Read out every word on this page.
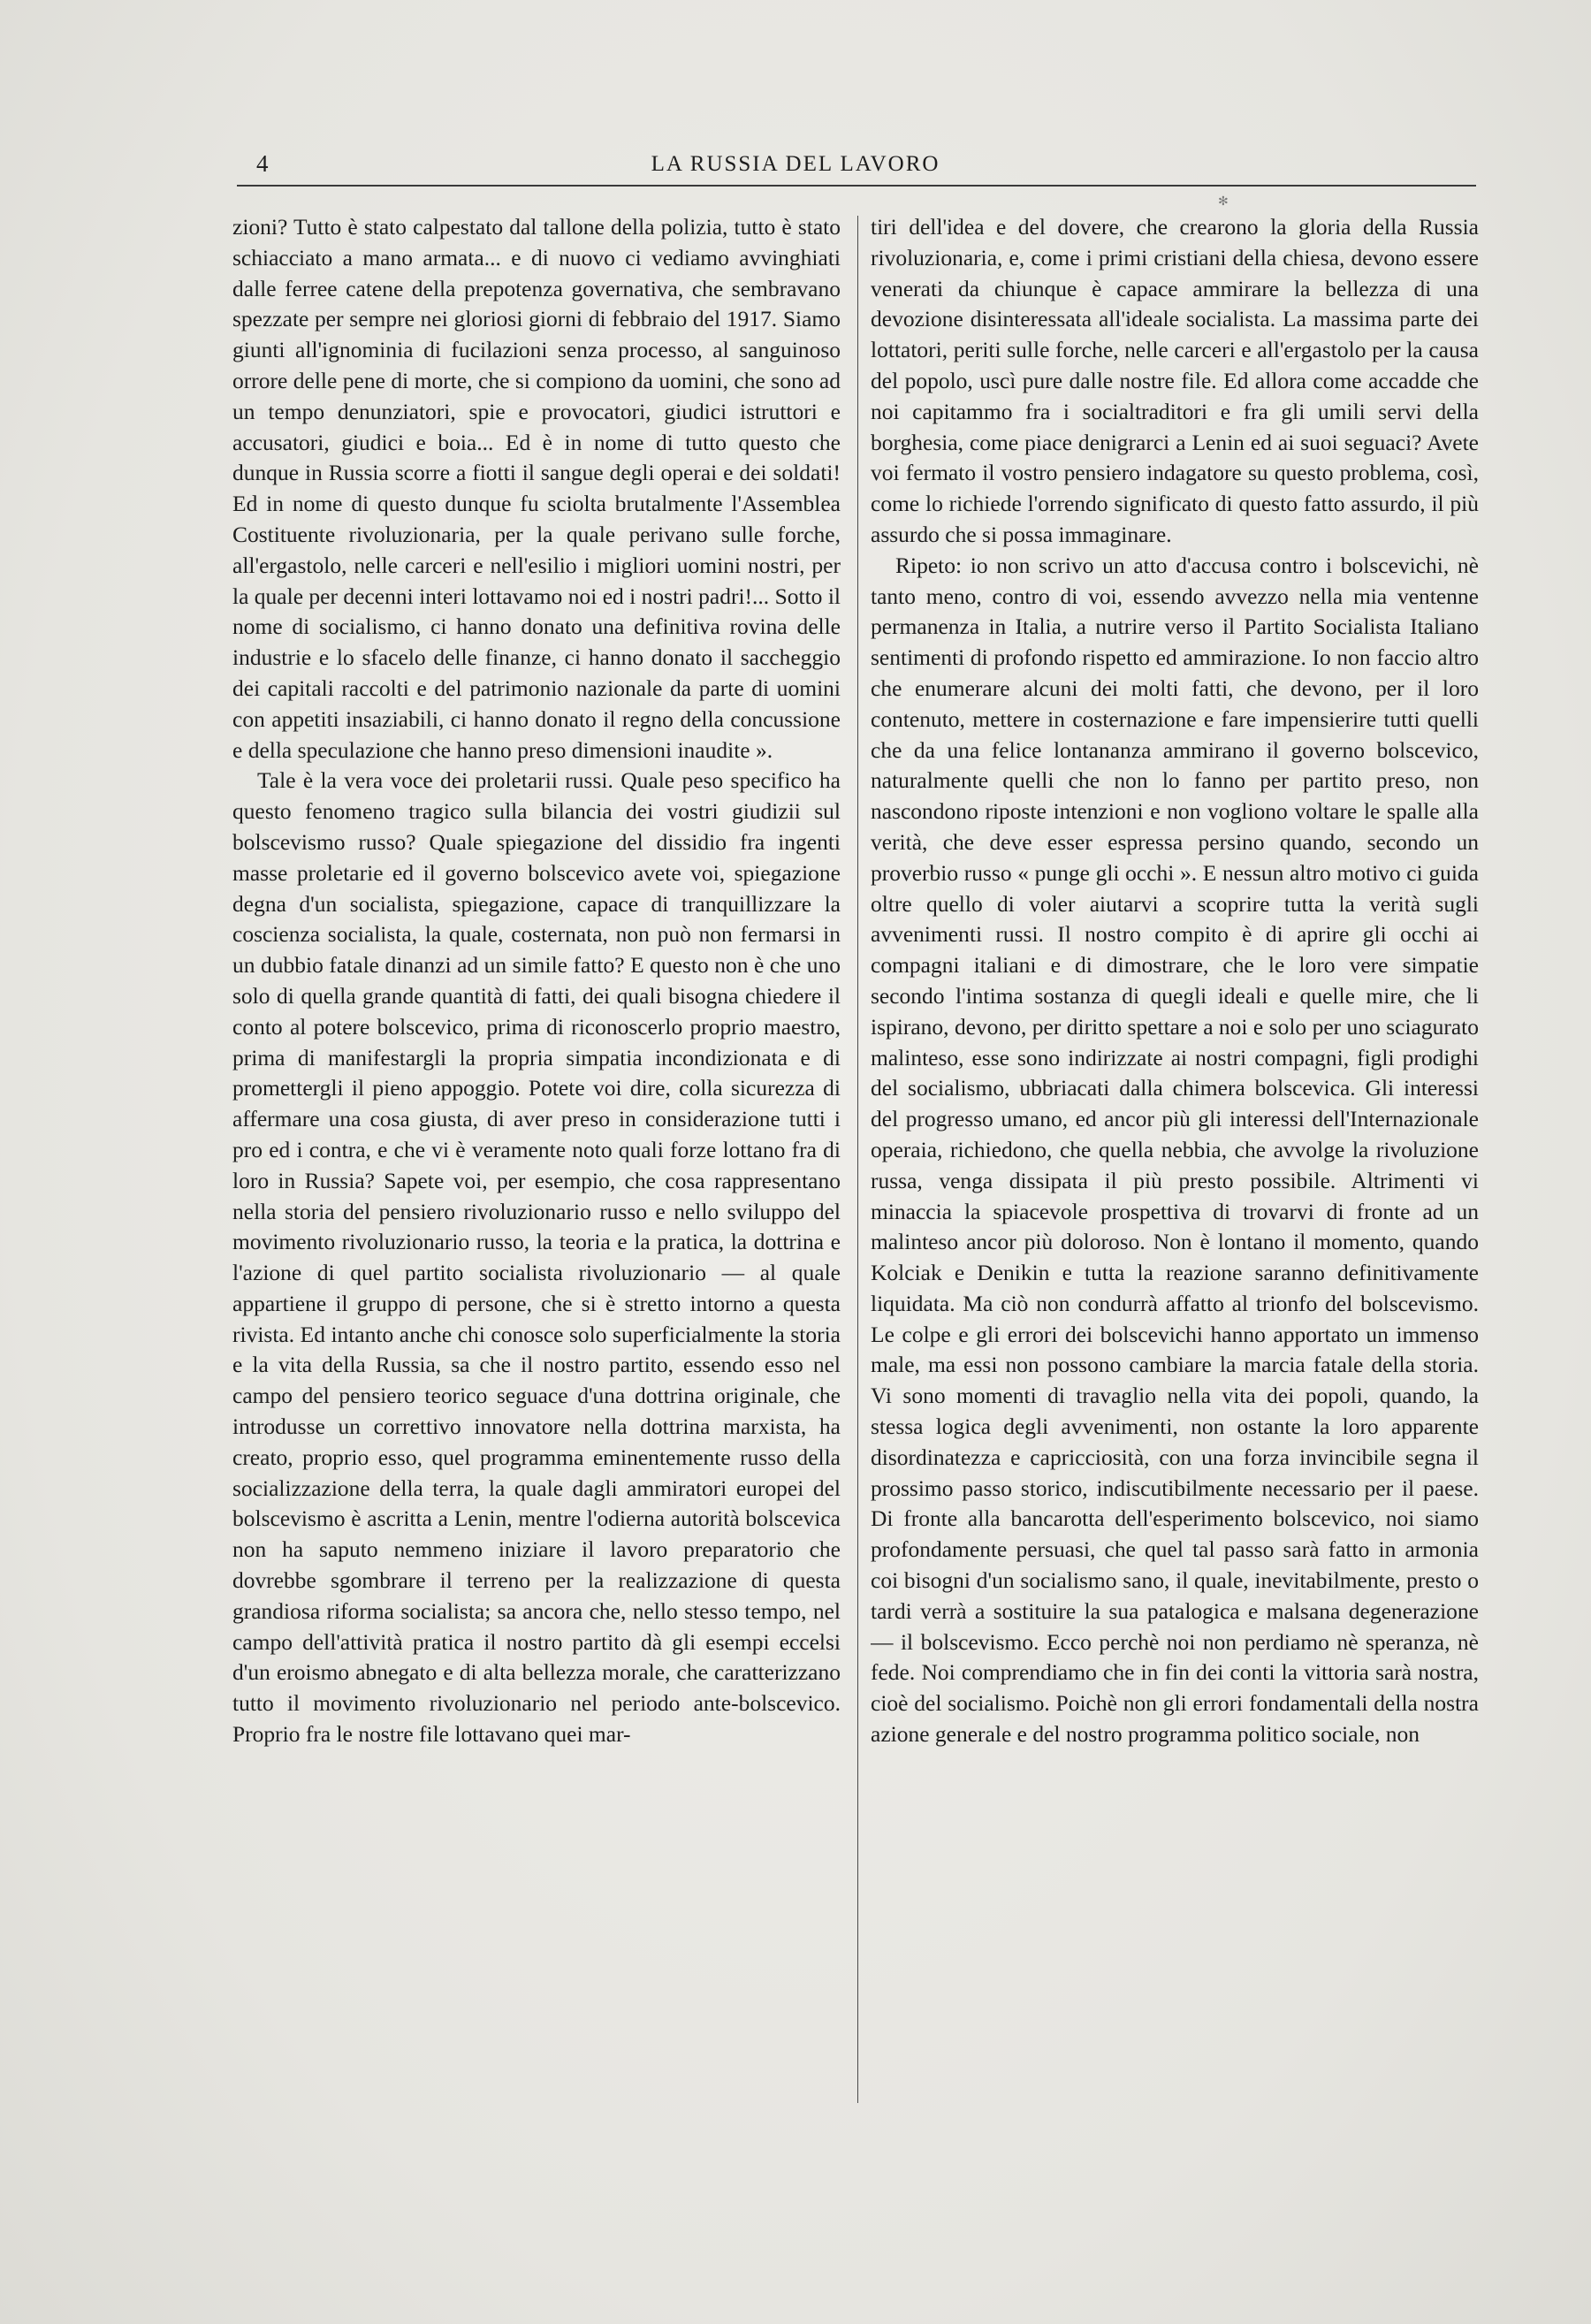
4	LA RUSSIA DEL LAVORO
✻

zioni? Tutto è stato calpestato dal tallone della polizia, tutto è stato schiacciato a mano armata... e di nuovo ci vediamo avvinghiati dalle ferree catene della prepotenza governativa, che sembravano spezzate per sempre nei gloriosi giorni di febbraio del 1917. Siamo giunti all'ignominia di fucilazioni senza processo, al sanguinoso orrore delle pene di morte, che si compiono da uomini, che sono ad un tempo denunziatori, spie e provocatori, giudici istruttori e accusatori, giudici e boia... Ed è in nome di tutto questo che dunque in Russia scorre a fiotti il sangue degli operai e dei soldati! Ed in nome di questo dunque fu sciolta brutalmente l'Assemblea Costituente rivoluzionaria, per la quale perivano sulle forche, all'ergastolo, nelle carceri e nell'esilio i migliori uomini nostri, per la quale per decenni interi lottavamo noi ed i nostri padri!... Sotto il nome di socialismo, ci hanno donato una definitiva rovina delle industrie e lo sfacelo delle finanze, ci hanno donato il saccheggio dei capitali raccolti e del patrimonio nazionale da parte di uomini con appetiti insaziabili, ci hanno donato il regno della concussione e della speculazione che hanno preso dimensioni inaudite ».

Tale è la vera voce dei proletarii russi. Quale peso specifico ha questo fenomeno tragico sulla bilancia dei vostri giudizii sul bolscevismo russo? Quale spiegazione del dissidio fra ingenti masse proletarie ed il governo bolscevico avete voi, spiegazione degna d'un socialista, spiegazione, capace di tranquillizzare la coscienza socialista, la quale, costernata, non può non fermarsi in un dubbio fatale dinanzi ad un simile fatto? E questo non è che uno solo di quella grande quantità di fatti, dei quali bisogna chiedere il conto al potere bolscevico, prima di riconoscerlo proprio maestro, prima di manifestargli la propria simpatia incondizionata e di promettergli il pieno appoggio. Potete voi dire, colla sicurezza di affermare una cosa giusta, di aver preso in considerazione tutti i pro ed i contra, e che vi è veramente noto quali forze lottano fra di loro in Russia? Sapete voi, per esempio, che cosa rappresentano nella storia del pensiero rivoluzionario russo e nello sviluppo del movimento rivoluzionario russo, la teoria e la pratica, la dottrina e l'azione di quel partito socialista rivoluzionario — al quale appartiene il gruppo di persone, che si è stretto intorno a questa rivista. Ed intanto anche chi conosce solo superficialmente la storia e la vita della Russia, sa che il nostro partito, essendo esso nel campo del pensiero teorico seguace d'una dottrina originale, che introdusse un correttivo innovatore nella dottrina marxista, ha creato, proprio esso, quel programma eminentemente russo della socializzazione della terra, la quale dagli ammiratori europei del bolscevismo è ascritta a Lenin, mentre l'odierna autorità bolscevica non ha saputo nemmeno iniziare il lavoro preparatorio che dovrebbe sgombrare il terreno per la realizzazione di questa grandiosa riforma socialista; sa ancora che, nello stesso tempo, nel campo dell'attività pratica il nostro partito dà gli esempi eccelsi d'un eroismo abnegato e di alta bellezza morale, che caratterizzano tutto il movimento rivoluzionario nel periodo ante-bolscevico. Proprio fra le nostre file lottavano quei mar-

tiri dell'idea e del dovere, che crearono la gloria della Russia rivoluzionaria, e, come i primi cristiani della chiesa, devono essere venerati da chiunque è capace ammirare la bellezza di una devozione disinteressata all'ideale socialista. La massima parte dei lottatori, periti sulle forche, nelle carceri e all'ergastolo per la causa del popolo, uscì pure dalle nostre file. Ed allora come accadde che noi capitammo fra i socialtraditori e fra gli umili servi della borghesia, come piace denigrarci a Lenin ed ai suoi seguaci? Avete voi fermato il vostro pensiero indagatore su questo problema, così, come lo richiede l'orrendo significato di questo fatto assurdo, il più assurdo che si possa immaginare.

Ripeto: io non scrivo un atto d'accusa contro i bolscevichi, nè tanto meno, contro di voi, essendo avvezzo nella mia ventenne permanenza in Italia, a nutrire verso il Partito Socialista Italiano sentimenti di profondo rispetto ed ammirazione. Io non faccio altro che enumerare alcuni dei molti fatti, che devono, per il loro contenuto, mettere in costernazione e fare impensierire tutti quelli che da una felice lontananza ammirano il governo bolscevico, naturalmente quelli che non lo fanno per partito preso, non nascondono riposte intenzioni e non vogliono voltare le spalle alla verità, che deve esser espressa persino quando, secondo un proverbio russo « punge gli occhi ». E nessun altro motivo ci guida oltre quello di voler aiutarvi a scoprire tutta la verità sugli avvenimenti russi. Il nostro compito è di aprire gli occhi ai compagni italiani e di dimostrare, che le loro vere simpatie secondo l'intima sostanza di quegli ideali e quelle mire, che li ispirano, devono, per diritto spettare a noi e solo per uno sciagurato malinteso, esse sono indirizzate ai nostri compagni, figli prodighi del socialismo, ubbriacati dalla chimera bolscevica. Gli interessi del progresso umano, ed ancor più gli interessi dell'Internazionale operaia, richiedono, che quella nebbia, che avvolge la rivoluzione russa, venga dissipata il più presto possibile. Altrimenti vi minaccia la spiacevole prospettiva di trovarvi di fronte ad un malinteso ancor più doloroso. Non è lontano il momento, quando Kolciak e Denikin e tutta la reazione saranno definitivamente liquidata. Ma ciò non condurrà affatto al trionfo del bolscevismo. Le colpe e gli errori dei bolscevichi hanno apportato un immenso male, ma essi non possono cambiare la marcia fatale della storia. Vi sono momenti di travaglio nella vita dei popoli, quando, la stessa logica degli avvenimenti, non ostante la loro apparente disordinatezza e capricciosità, con una forza invincibile segna il prossimo passo storico, indiscutibilmente necessario per il paese. Di fronte alla bancarotta dell'esperimento bolscevico, noi siamo profondamente persuasi, che quel tal passo sarà fatto in armonia coi bisogni d'un socialismo sano, il quale, inevitabilmente, presto o tardi verrà a sostituire la sua patalogica e malsana degenerazione — il bolscevismo. Ecco perchè noi non perdiamo nè speranza, nè fede. Noi comprendiamo che in fin dei conti la vittoria sarà nostra, cioè del socialismo. Poichè non gli errori fondamentali della nostra azione generale e del nostro programma politico sociale, non
